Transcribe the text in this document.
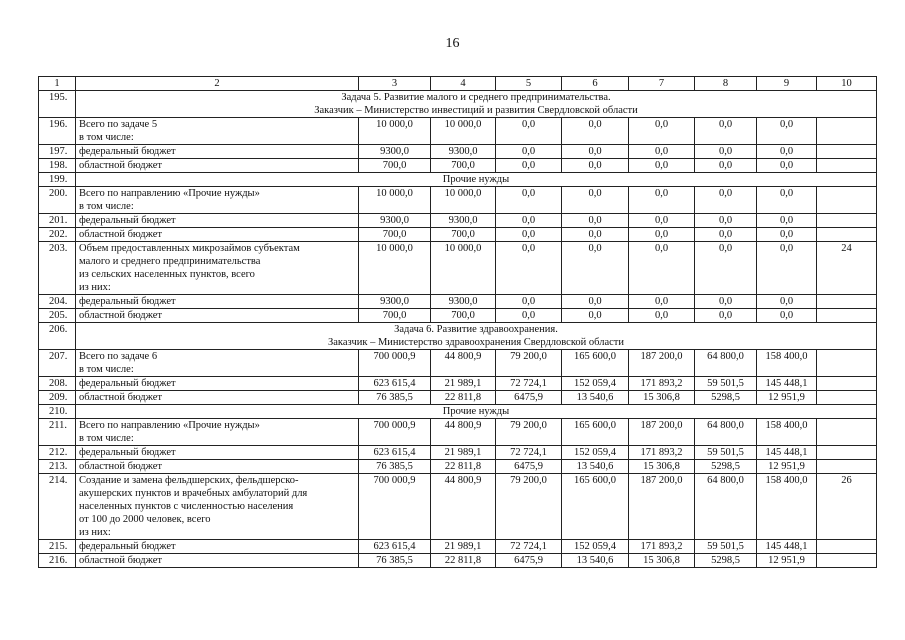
16
1	2	3	4	5	6	7	8	9	10
195.	Задача 5. Развитие малого и среднего предпринимательства.
Заказчик – Министерство инвестиций и развития Свердловской области								

196.	Всего по задаче 5
в том числе:	10 000,0	10 000,0	0,0	0,0	0,0	0,0	0,0	
197.	федеральный бюджет	9300,0	9300,0	0,0	0,0	0,0	0,0	0,0	
198.	областной бюджет	700,0	700,0	0,0	0,0	0,0	0,0	0,0	
199.	Прочие нужды								

200.	Всего по направлению «Прочие нужды»
в том числе:	10 000,0	10 000,0	0,0	0,0	0,0	0,0	0,0	
201.	федеральный бюджет	9300,0	9300,0	0,0	0,0	0,0	0,0	0,0	
202.	областной бюджет	700,0	700,0	0,0	0,0	0,0	0,0	0,0	
203.	Объем предоставленных микрозаймов субъектам
малого и среднего предпринимательства
из сельских населенных пунктов, всего
из них:	10 000,0	10 000,0	0,0	0,0	0,0	0,0	0,0	24
204.	федеральный бюджет	9300,0	9300,0	0,0	0,0	0,0	0,0	0,0	
205.	областной бюджет	700,0	700,0	0,0	0,0	0,0	0,0	0,0	
206.	Задача 6. Развитие здравоохранения.
Заказчик – Министерство здравоохранения Свердловской области								

207.	Всего по задаче 6
в том числе:	700 000,9	44 800,9	79 200,0	165 600,0	187 200,0	64 800,0	158 400,0	
208.	федеральный бюджет	623 615,4	21 989,1	72 724,1	152 059,4	171 893,2	59 501,5	145 448,1	
209.	областной бюджет	76 385,5	22 811,8	6475,9	13 540,6	15 306,8	5298,5	12 951,9	
210.	Прочие нужды								

211.	Всего по направлению «Прочие нужды»
в том числе:	700 000,9	44 800,9	79 200,0	165 600,0	187 200,0	64 800,0	158 400,0	
212.	федеральный бюджет	623 615,4	21 989,1	72 724,1	152 059,4	171 893,2	59 501,5	145 448,1	
213.	областной бюджет	76 385,5	22 811,8	6475,9	13 540,6	15 306,8	5298,5	12 951,9	
214.	Создание и замена фельдшерских, фельдшерско-
акушерских пунктов и врачебных амбулаторий для
населенных пунктов с численностью населения
от 100 до 2000 человек, всего
из них:	700 000,9	44 800,9	79 200,0	165 600,0	187 200,0	64 800,0	158 400,0	26
215.	федеральный бюджет	623 615,4	21 989,1	72 724,1	152 059,4	171 893,2	59 501,5	145 448,1	
216.	областной бюджет	76 385,5	22 811,8	6475,9	13 540,6	15 306,8	5298,5	12 951,9	
